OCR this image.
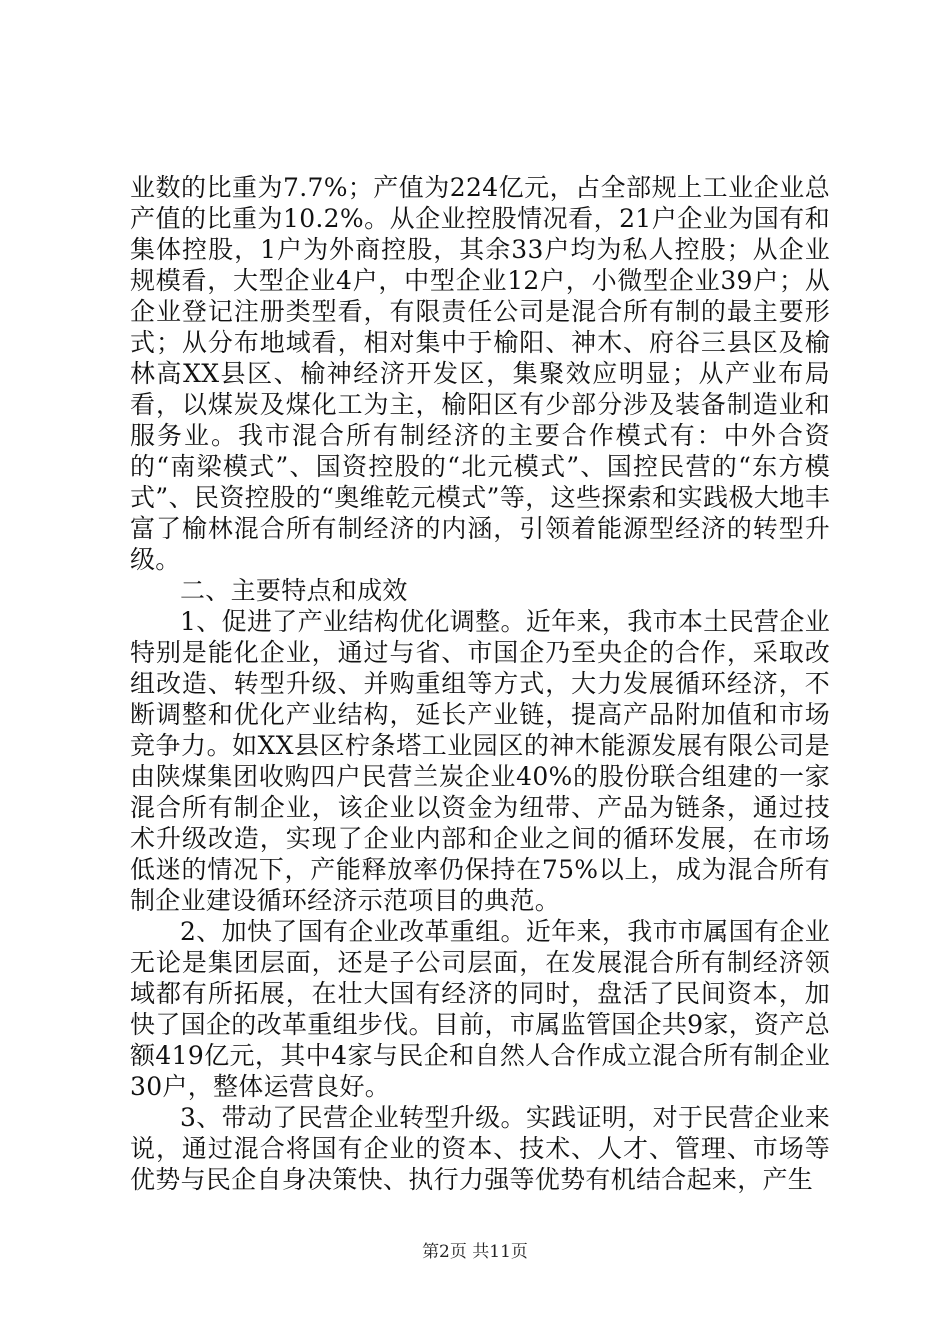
业数的比重为7.7%；产值为224亿元，占全部规上工业企业总产值的比重为10.2%。从企业控股情况看，21户企业为国有和集体控股，1户为外商控股，其余33户均为私人控股；从企业规模看，大型企业4户，中型企业12户，小微型企业39户；从企业登记注册类型看，有限责任公司是混合所有制的最主要形式；从分布地域看，相对集中于榆阳、神木、府谷三县区及榆林高XX县区、榆神经济开发区，集聚效应明显；从产业布局看，以煤炭及煤化工为主，榆阳区有少部分涉及装备制造业和服务业。我市混合所有制经济的主要合作模式有：中外合资的“南梁模式”、国资控股的“北元模式”、国控民营的“东方模式”、民资控股的“奥维乾元模式”等，这些探索和实践极大地丰富了榆林混合所有制经济的内涵，引领着能源型经济的转型升级。

二、主要特点和成效

1、促进了产业结构优化调整。近年来，我市本土民营企业特别是能化企业，通过与省、市国企乃至央企的合作，采取改组改造、转型升级、并购重组等方式，大力发展循环经济，不断调整和优化产业结构，延长产业链，提高产品附加值和市场竞争力。如XX县区柠条塔工业园区的神木能源发展有限公司是由陕煤集团收购四户民营兰炭企业40%的股份联合组建的一家混合所有制企业，该企业以资金为纽带、产品为链条，通过技术升级改造，实现了企业内部和企业之间的循环发展，在市场低迷的情况下，产能释放率仍保持在75%以上，成为混合所有制企业建设循环经济示范项目的典范。

2、加快了国有企业改革重组。近年来，我市市属国有企业无论是集团层面，还是子公司层面，在发展混合所有制经济领域都有所拓展，在壮大国有经济的同时，盘活了民间资本，加快了国企的改革重组步伐。目前，市属监管国企共9家，资产总额419亿元，其中4家与民企和自然人合作成立混合所有制企业30户，整体运营良好。

3、带动了民营企业转型升级。实践证明，对于民营企业来说，通过混合将国有企业的资本、技术、人才、管理、市场等优势与民企自身决策快、执行力强等优势有机结合起来，产生

第2页 共11页
